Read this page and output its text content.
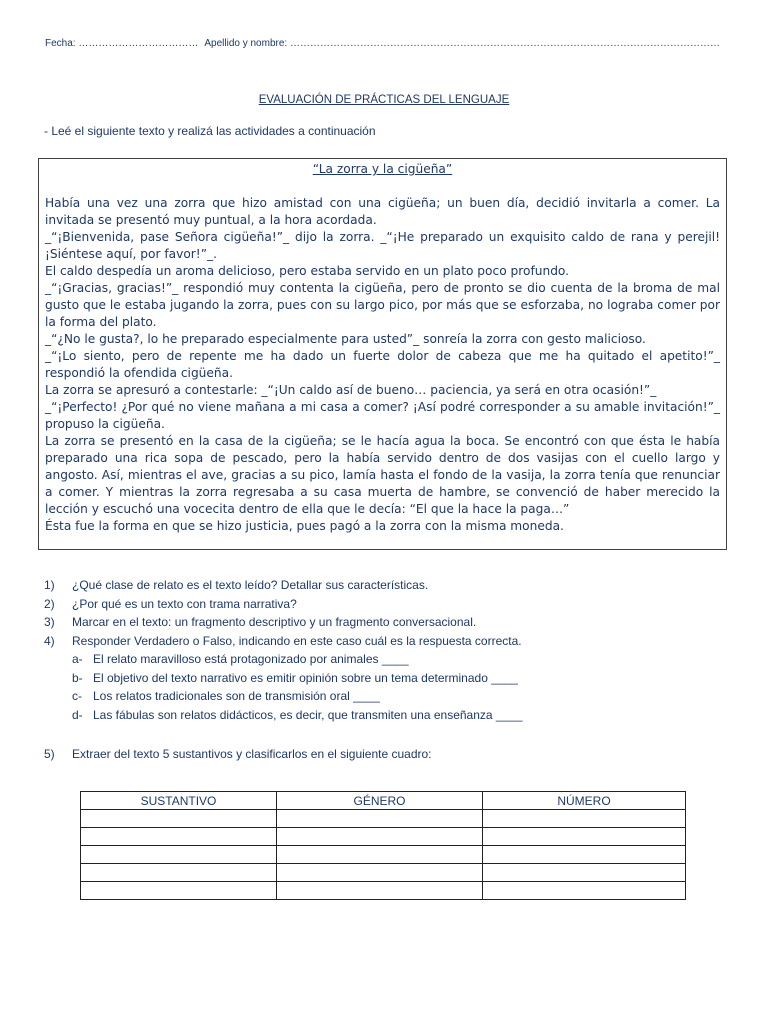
Fecha: ……………………………… Apellido y nombre: …………………………………………………………………………………………………………………
EVALUACIÓN DE PRÁCTICAS DEL LENGUAJE
- Leé el siguiente texto y realizá las actividades a continuación
“La zorra y la cigüeña”

Había una vez una zorra que hizo amistad con una cigüeña; un buen día, decidió invitarla a comer. La invitada se presentó muy puntual, a la hora acordada.

_“¡Bienvenida, pase Señora cigüeña!”_ dijo la zorra. _“¡He preparado un exquisito caldo de rana y perejil! ¡Siéntese aquí, por favor!”_.

El caldo despedía un aroma delicioso, pero estaba servido en un plato poco profundo.

_“¡Gracias, gracias!”_ respondió muy contenta la cigüeña, pero de pronto se dio cuenta de la broma de mal gusto que le estaba jugando la zorra, pues con su largo pico, por más que se esforzaba, no lograba comer por la forma del plato.

_“¿No le gusta?, lo he preparado especialmente para usted”_ sonreía la zorra con gesto malicioso.

_“¡Lo siento, pero de repente me ha dado un fuerte dolor de cabeza que me ha quitado el apetito!”_ respondió la ofendida cigüeña.

La zorra se apresuró a contestarle: _“¡Un caldo así de bueno… paciencia, ya será en otra ocasión!”_

_“¡Perfecto! ¿Por qué no viene mañana a mi casa a comer? ¡Así podré corresponder a su amable invitación!”_ propuso la cigüeña.

La zorra se presentó en la casa de la cigüeña; se le hacía agua la boca. Se encontró con que ésta le había preparado una rica sopa de pescado, pero la había servido dentro de dos vasijas con el cuello largo y angosto. Así, mientras el ave, gracias a su pico, lamía hasta el fondo de la vasija, la zorra tenía que renunciar a comer. Y mientras la zorra regresaba a su casa muerta de hambre, se convenció de haber merecido la lección y escuchó una vocecita dentro de ella que le decía: “El que la hace la paga…”

Ésta fue la forma en que se hizo justicia, pues pagó a la zorra con la misma moneda.

1) ¿Qué clase de relato es el texto leído? Detallar sus características.
2) ¿Por qué es un texto con trama narrativa?
3) Marcar en el texto: un fragmento descriptivo y un fragmento conversacional.
4) Responder Verdadero o Falso, indicando en este caso cuál es la respuesta correcta.
a- El relato maravilloso está protagonizado por animales ____
b- El objetivo del texto narrativo es emitir opinión sobre un tema determinado ____
c- Los relatos tradicionales son de transmisión oral ____
d- Las fábulas son relatos didácticos, es decir, que transmiten una enseñanza ____
5) Extraer del texto 5 sustantivos y clasificarlos en el siguiente cuadro:
SUSTANTIVO	GÉNERO	NÚMERO
